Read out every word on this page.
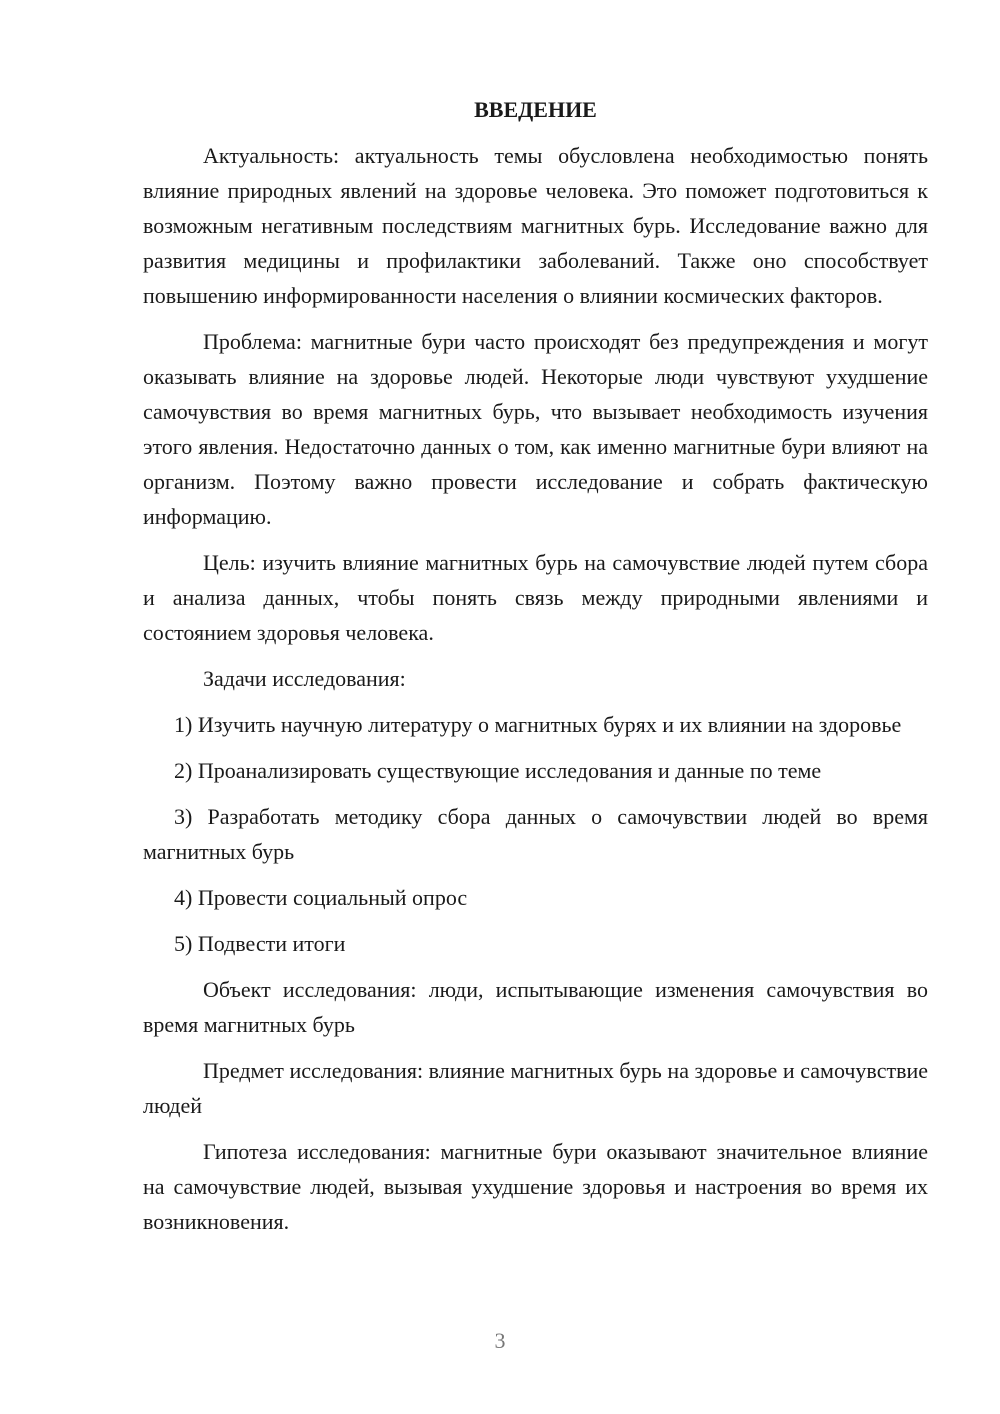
ВВЕДЕНИЕ

Актуальность: актуальность темы обусловлена необходимостью понять влияние природных явлений на здоровье человека. Это поможет подготовиться к возможным негативным последствиям магнитных бурь. Исследование важно для развития медицины и профилактики заболеваний. Также оно способствует повышению информированности населения о влиянии космических факторов.

Проблема: магнитные бури часто происходят без предупреждения и могут оказывать влияние на здоровье людей. Некоторые люди чувствуют ухудшение самочувствия во время магнитных бурь, что вызывает необходимость изучения этого явления. Недостаточно данных о том, как именно магнитные бури влияют на организм. Поэтому важно провести исследование и собрать фактическую информацию.

Цель: изучить влияние магнитных бурь на самочувствие людей путем сбора и анализа данных, чтобы понять связь между природными явлениями и состоянием здоровья человека.

Задачи исследования:

1) Изучить научную литературу о магнитных бурях и их влиянии на здоровье

2) Проанализировать существующие исследования и данные по теме

3) Разработать методику сбора данных о самочувствии людей во время магнитных бурь

4) Провести социальный опрос

5) Подвести итоги

Объект исследования: люди, испытывающие изменения самочувствия во время магнитных бурь

Предмет исследования: влияние магнитных бурь на здоровье и самочувствие людей

Гипотеза исследования: магнитные бури оказывают значительное влияние на самочувствие людей, вызывая ухудшение здоровья и настроения во время их возникновения.

3
